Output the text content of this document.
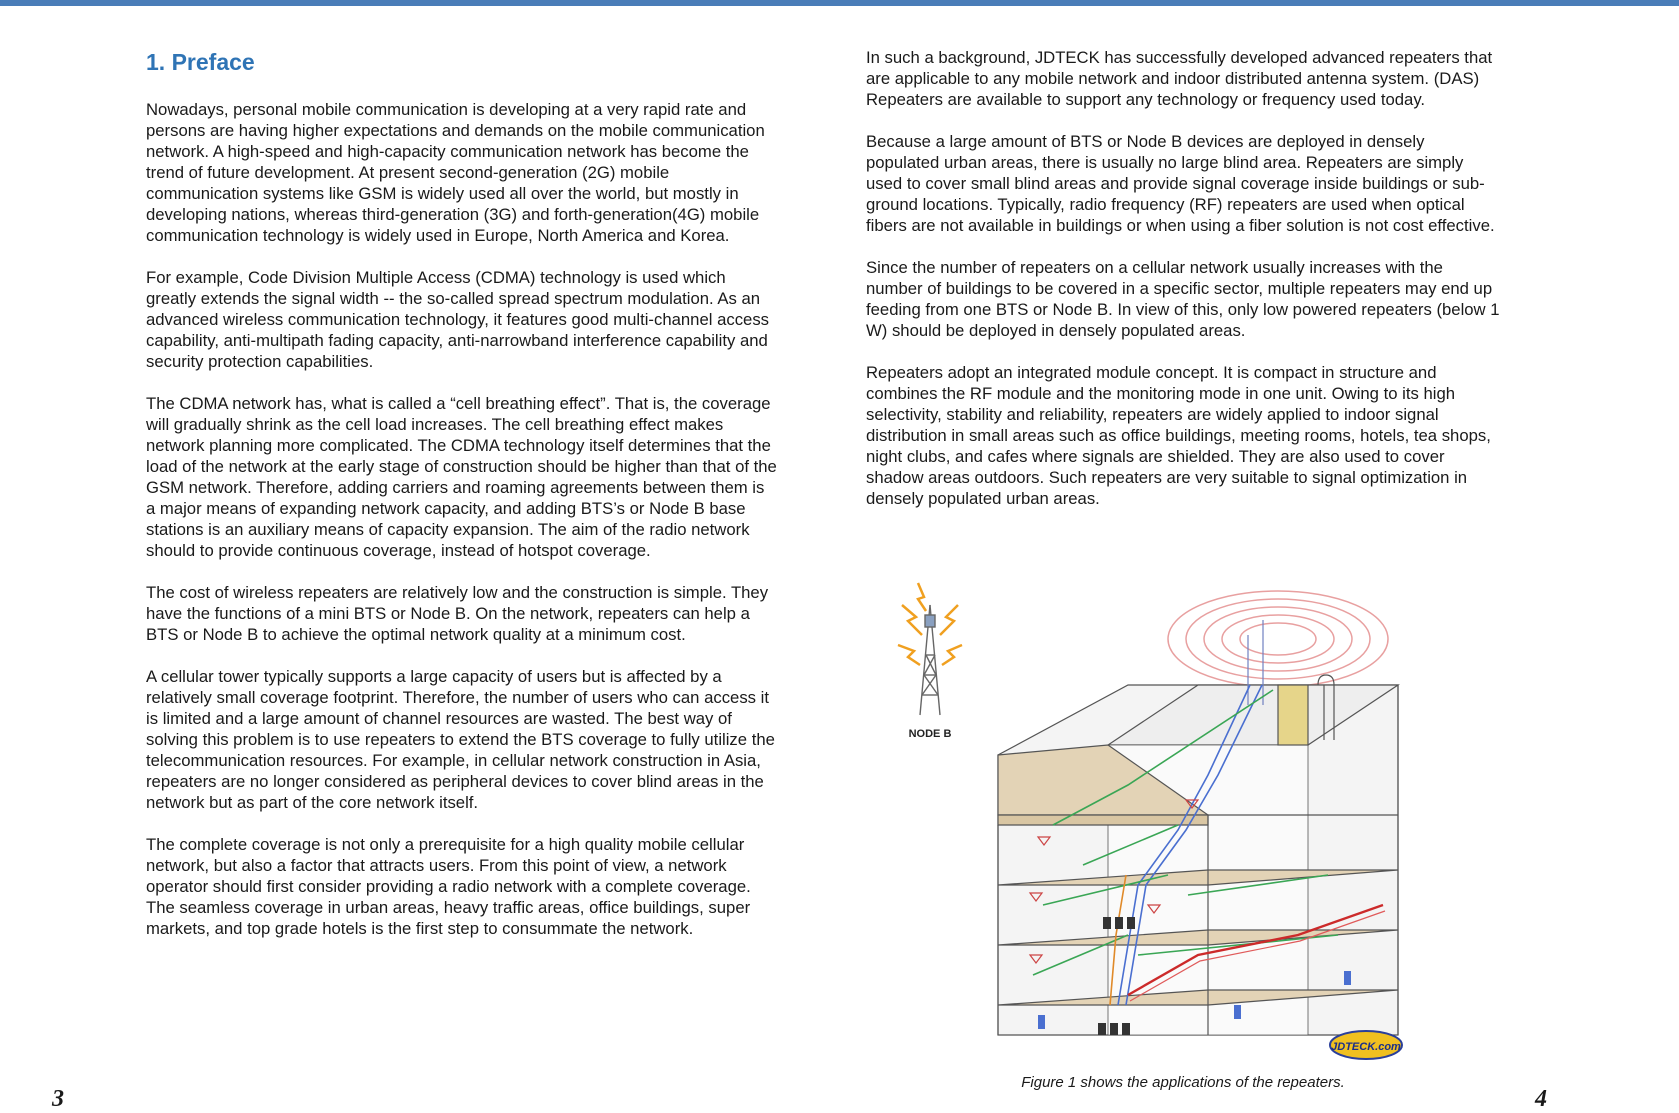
1. Preface

Nowadays, personal mobile communication is developing at a very rapid rate and persons are having higher expectations and demands on the mobile communication network. A high-speed and high-capacity communication network has become the trend of future development. At present second-generation (2G) mobile communication systems like GSM is widely used all over the world, but mostly in developing nations, whereas third-generation (3G) and forth-generation(4G) mobile communication technology is widely used in Europe, North America and Korea.

For example, Code Division Multiple Access (CDMA) technology is used which greatly extends the signal width -- the so-called spread spectrum modulation. As an advanced wireless communication technology, it features good multi-channel access capability, anti-multipath fading capacity, anti-narrowband interference capability and security protection capabilities.

The CDMA network has, what is called a “cell breathing effect”. That is, the coverage will gradually shrink as the cell load increases. The cell breathing effect makes network planning more complicated. The CDMA technology itself determines that the load of the network at the early stage of construction should be higher than that of the GSM network. Therefore, adding carriers and roaming agreements between them is a major means of expanding network capacity, and adding BTS’s or Node B base stations is an auxiliary means of capacity expansion. The aim of the radio network should to provide continuous coverage, instead of hotspot coverage.

The cost of wireless repeaters are relatively low and the construction is simple. They have the functions of a mini BTS or Node B. On the network, repeaters can help a BTS or Node B to achieve the optimal network quality at a minimum cost.

A cellular tower typically supports a large capacity of users but is affected by a relatively small coverage footprint. Therefore, the number of users who can access it is limited and a large amount of channel resources are wasted. The best way of solving this problem is to use repeaters to extend the BTS coverage to fully utilize the telecommunication resources. For example, in cellular network construction in Asia, repeaters are no longer considered as peripheral devices to cover blind areas in the network but as part of the core network itself.

The complete coverage is not only a prerequisite for a high quality mobile cellular network, but also a factor that attracts users. From this point of view, a network operator should first consider providing a radio network with a complete coverage. The seamless coverage in urban areas, heavy traffic areas, office buildings, super markets, and top grade hotels is the first step to consummate the network.

In such a background, JDTECK has successfully developed advanced repeaters that are applicable to any mobile network and indoor distributed antenna system. (DAS) Repeaters are available to support any technology or frequency used today.

Because a large amount of BTS or Node B devices are deployed in densely populated urban areas, there is usually no large blind area. Repeaters are simply used to cover small blind areas and provide signal coverage inside buildings or sub-ground locations. Typically, radio frequency (RF) repeaters are used when optical fibers are not available in buildings or when using a fiber solution is not cost effective.

Since the number of repeaters on a cellular network usually increases with the number of buildings to be covered in a specific sector, multiple repeaters may end up feeding from one BTS or Node B. In view of this, only low powered repeaters (below 1 W) should be deployed in densely populated areas.

Repeaters adopt an integrated module concept. It is compact in structure and combines the RF module and the monitoring mode in one unit. Owing to its high selectivity, stability and reliability, repeaters are widely applied to indoor signal distribution in small areas such as office buildings, meeting rooms, hotels, tea shops, night clubs, and cafes where signals are shielded. They are also used to cover shadow areas outdoors. Such repeaters are very suitable to signal optimization in densely populated urban areas.

NODE B
JDTECK.com
Figure 1 shows the applications of the repeaters.
3	4
